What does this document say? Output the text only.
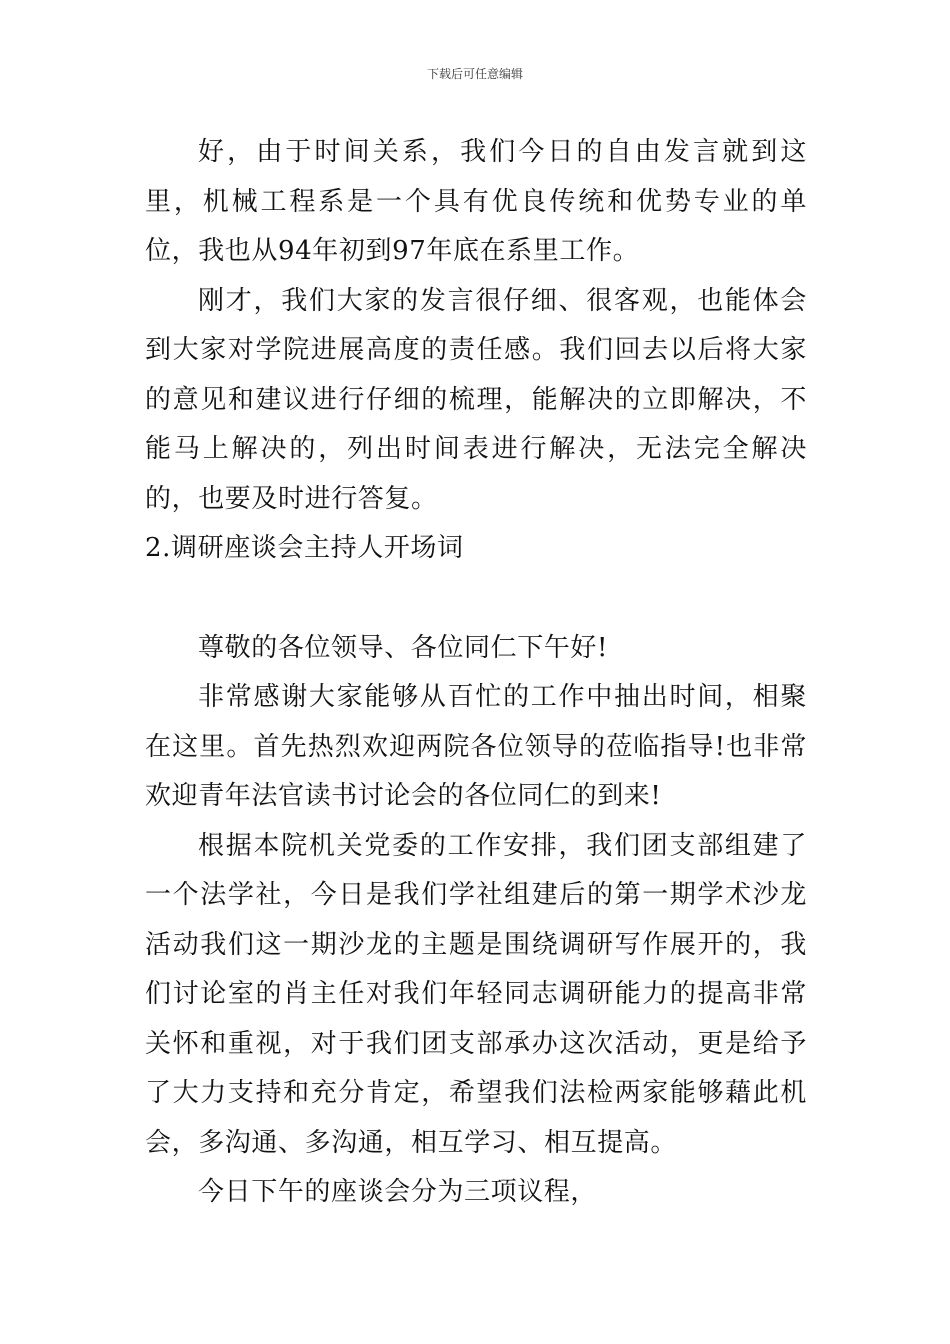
下载后可任意编辑

好，由于时间关系，我们今日的自由发言就到这里，机械工程系是一个具有优良传统和优势专业的单位，我也从94年初到97年底在系里工作。

刚才，我们大家的发言很仔细、很客观，也能体会到大家对学院进展高度的责任感。我们回去以后将大家的意见和建议进行仔细的梳理，能解决的立即解决，不能马上解决的，列出时间表进行解决，无法完全解决的，也要及时进行答复。

2.调研座谈会主持人开场词

尊敬的各位领导、各位同仁下午好!

非常感谢大家能够从百忙的工作中抽出时间，相聚在这里。首先热烈欢迎两院各位领导的莅临指导!也非常欢迎青年法官读书讨论会的各位同仁的到来!

根据本院机关党委的工作安排，我们团支部组建了一个法学社，今日是我们学社组建后的第一期学术沙龙活动我们这一期沙龙的主题是围绕调研写作展开的，我们讨论室的肖主任对我们年轻同志调研能力的提高非常关怀和重视，对于我们团支部承办这次活动，更是给予了大力支持和充分肯定，希望我们法检两家能够藉此机会，多沟通、多沟通，相互学习、相互提高。

今日下午的座谈会分为三项议程，
